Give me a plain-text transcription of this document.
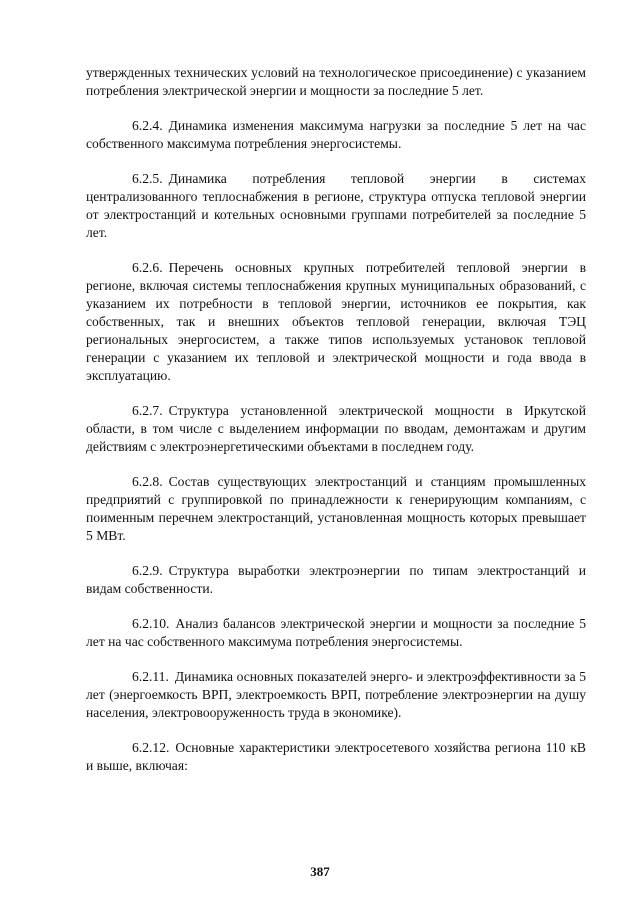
утвержденных технических условий на технологическое присоединение) с указанием потребления электрической энергии и мощности за последние 5 лет.

6.2.4. Динамика изменения максимума нагрузки за последние 5 лет на час собственного максимума потребления энергосистемы.

6.2.5. Динамика потребления тепловой энергии в системах централизованного теплоснабжения в регионе, структура отпуска тепловой энергии от электростанций и котельных основными группами потребителей за последние 5 лет.

6.2.6. Перечень основных крупных потребителей тепловой энергии в регионе, включая системы теплоснабжения крупных муниципальных образований, с указанием их потребности в тепловой энергии, источников ее покрытия, как собственных, так и внешних объектов тепловой генерации, включая ТЭЦ региональных энергосистем, а также типов используемых установок тепловой генерации с указанием их тепловой и электрической мощности и года ввода в эксплуатацию.

6.2.7. Структура установленной электрической мощности в Иркутской области, в том числе с выделением информации по вводам, демонтажам и другим действиям с электроэнергетическими объектами в последнем году.

6.2.8. Состав существующих электростанций и станциям промышленных предприятий с группировкой по принадлежности к генерирующим компаниям, с поименным перечнем электростанций, установленная мощность которых превышает 5 МВт.

6.2.9. Структура выработки электроэнергии по типам электростанций и видам собственности.

6.2.10. Анализ балансов электрической энергии и мощности за последние 5 лет на час собственного максимума потребления энергосистемы.

6.2.11. Динамика основных показателей энерго- и электроэффективности за 5 лет (энергоемкость ВРП, электроемкость ВРП, потребление электроэнергии на душу населения, электровооруженность труда в экономике).

6.2.12. Основные характеристики электросетевого хозяйства региона 110 кВ и выше, включая:

387
